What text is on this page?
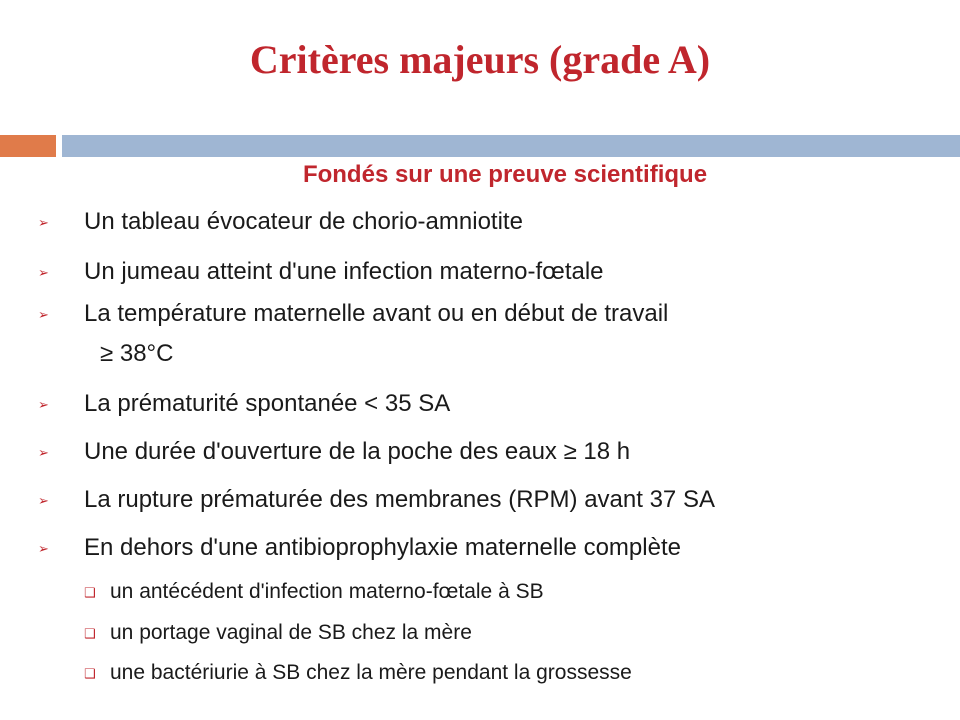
Critères majeurs (grade A)
Fondés sur une preuve scientifique
➢ Un tableau évocateur de chorio-amniotite
➢ Un jumeau atteint d'une infection materno-fœtale
➢ La température maternelle avant ou en début de travail
≥ 38°C
➢ La prématurité spontanée < 35 SA
➢ Une durée d'ouverture de la poche des eaux ≥ 18 h
➢ La rupture prématurée des membranes (RPM) avant 37 SA
➢ En dehors d'une antibioprophylaxie maternelle complète
❑ un antécédent d'infection materno-fœtale à SB
❑ un portage vaginal de SB chez la mère
❑ une bactériurie à SB chez la mère pendant la grossesse
